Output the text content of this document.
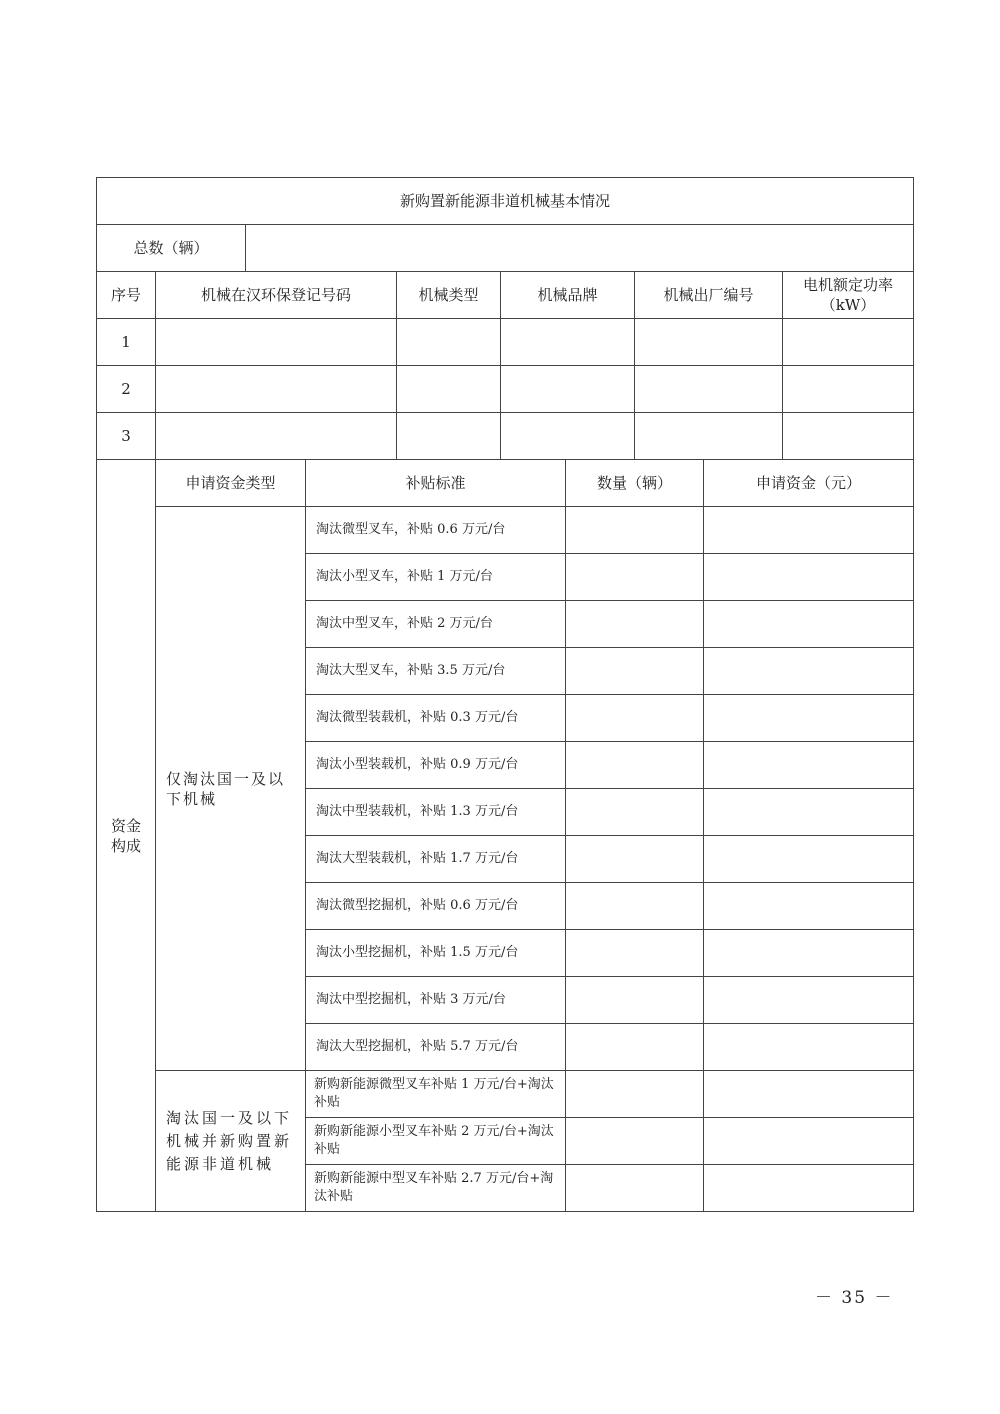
新购置新能源非道机械基本情况									
总数（辆）									
序号	机械在汉环保登记号码			机械类型	机械品牌		机械出厂编号		电机额定功率
（kW）
1									
2									
3									
资金构成	申请资金类型		补贴标准			数量（辆）		申请资金（元）	
	仅淘汰国一及以下机械		淘汰微型叉车，补贴 0.6 万元/台						
			淘汰小型叉车，补贴 1 万元/台						
			淘汰中型叉车，补贴 2 万元/台						
			淘汰大型叉车，补贴 3.5 万元/台						
			淘汰微型装载机，补贴 0.3 万元/台						
			淘汰小型装载机，补贴 0.9 万元/台						
			淘汰中型装载机，补贴 1.3 万元/台						
			淘汰大型装载机，补贴 1.7 万元/台						
			淘汰微型挖掘机，补贴 0.6 万元/台						
			淘汰小型挖掘机，补贴 1.5 万元/台						
			淘汰中型挖掘机，补贴 3 万元/台						
			淘汰大型挖掘机，补贴 5.7 万元/台						
	淘汰国一及以下机械并新购置新能源非道机械		新购新能源微型叉车补贴 1 万元/台+淘汰补贴						
			新购新能源小型叉车补贴 2 万元/台+淘汰补贴						
			新购新能源中型叉车补贴 2.7 万元/台+淘汰补贴						
－ 35 －
